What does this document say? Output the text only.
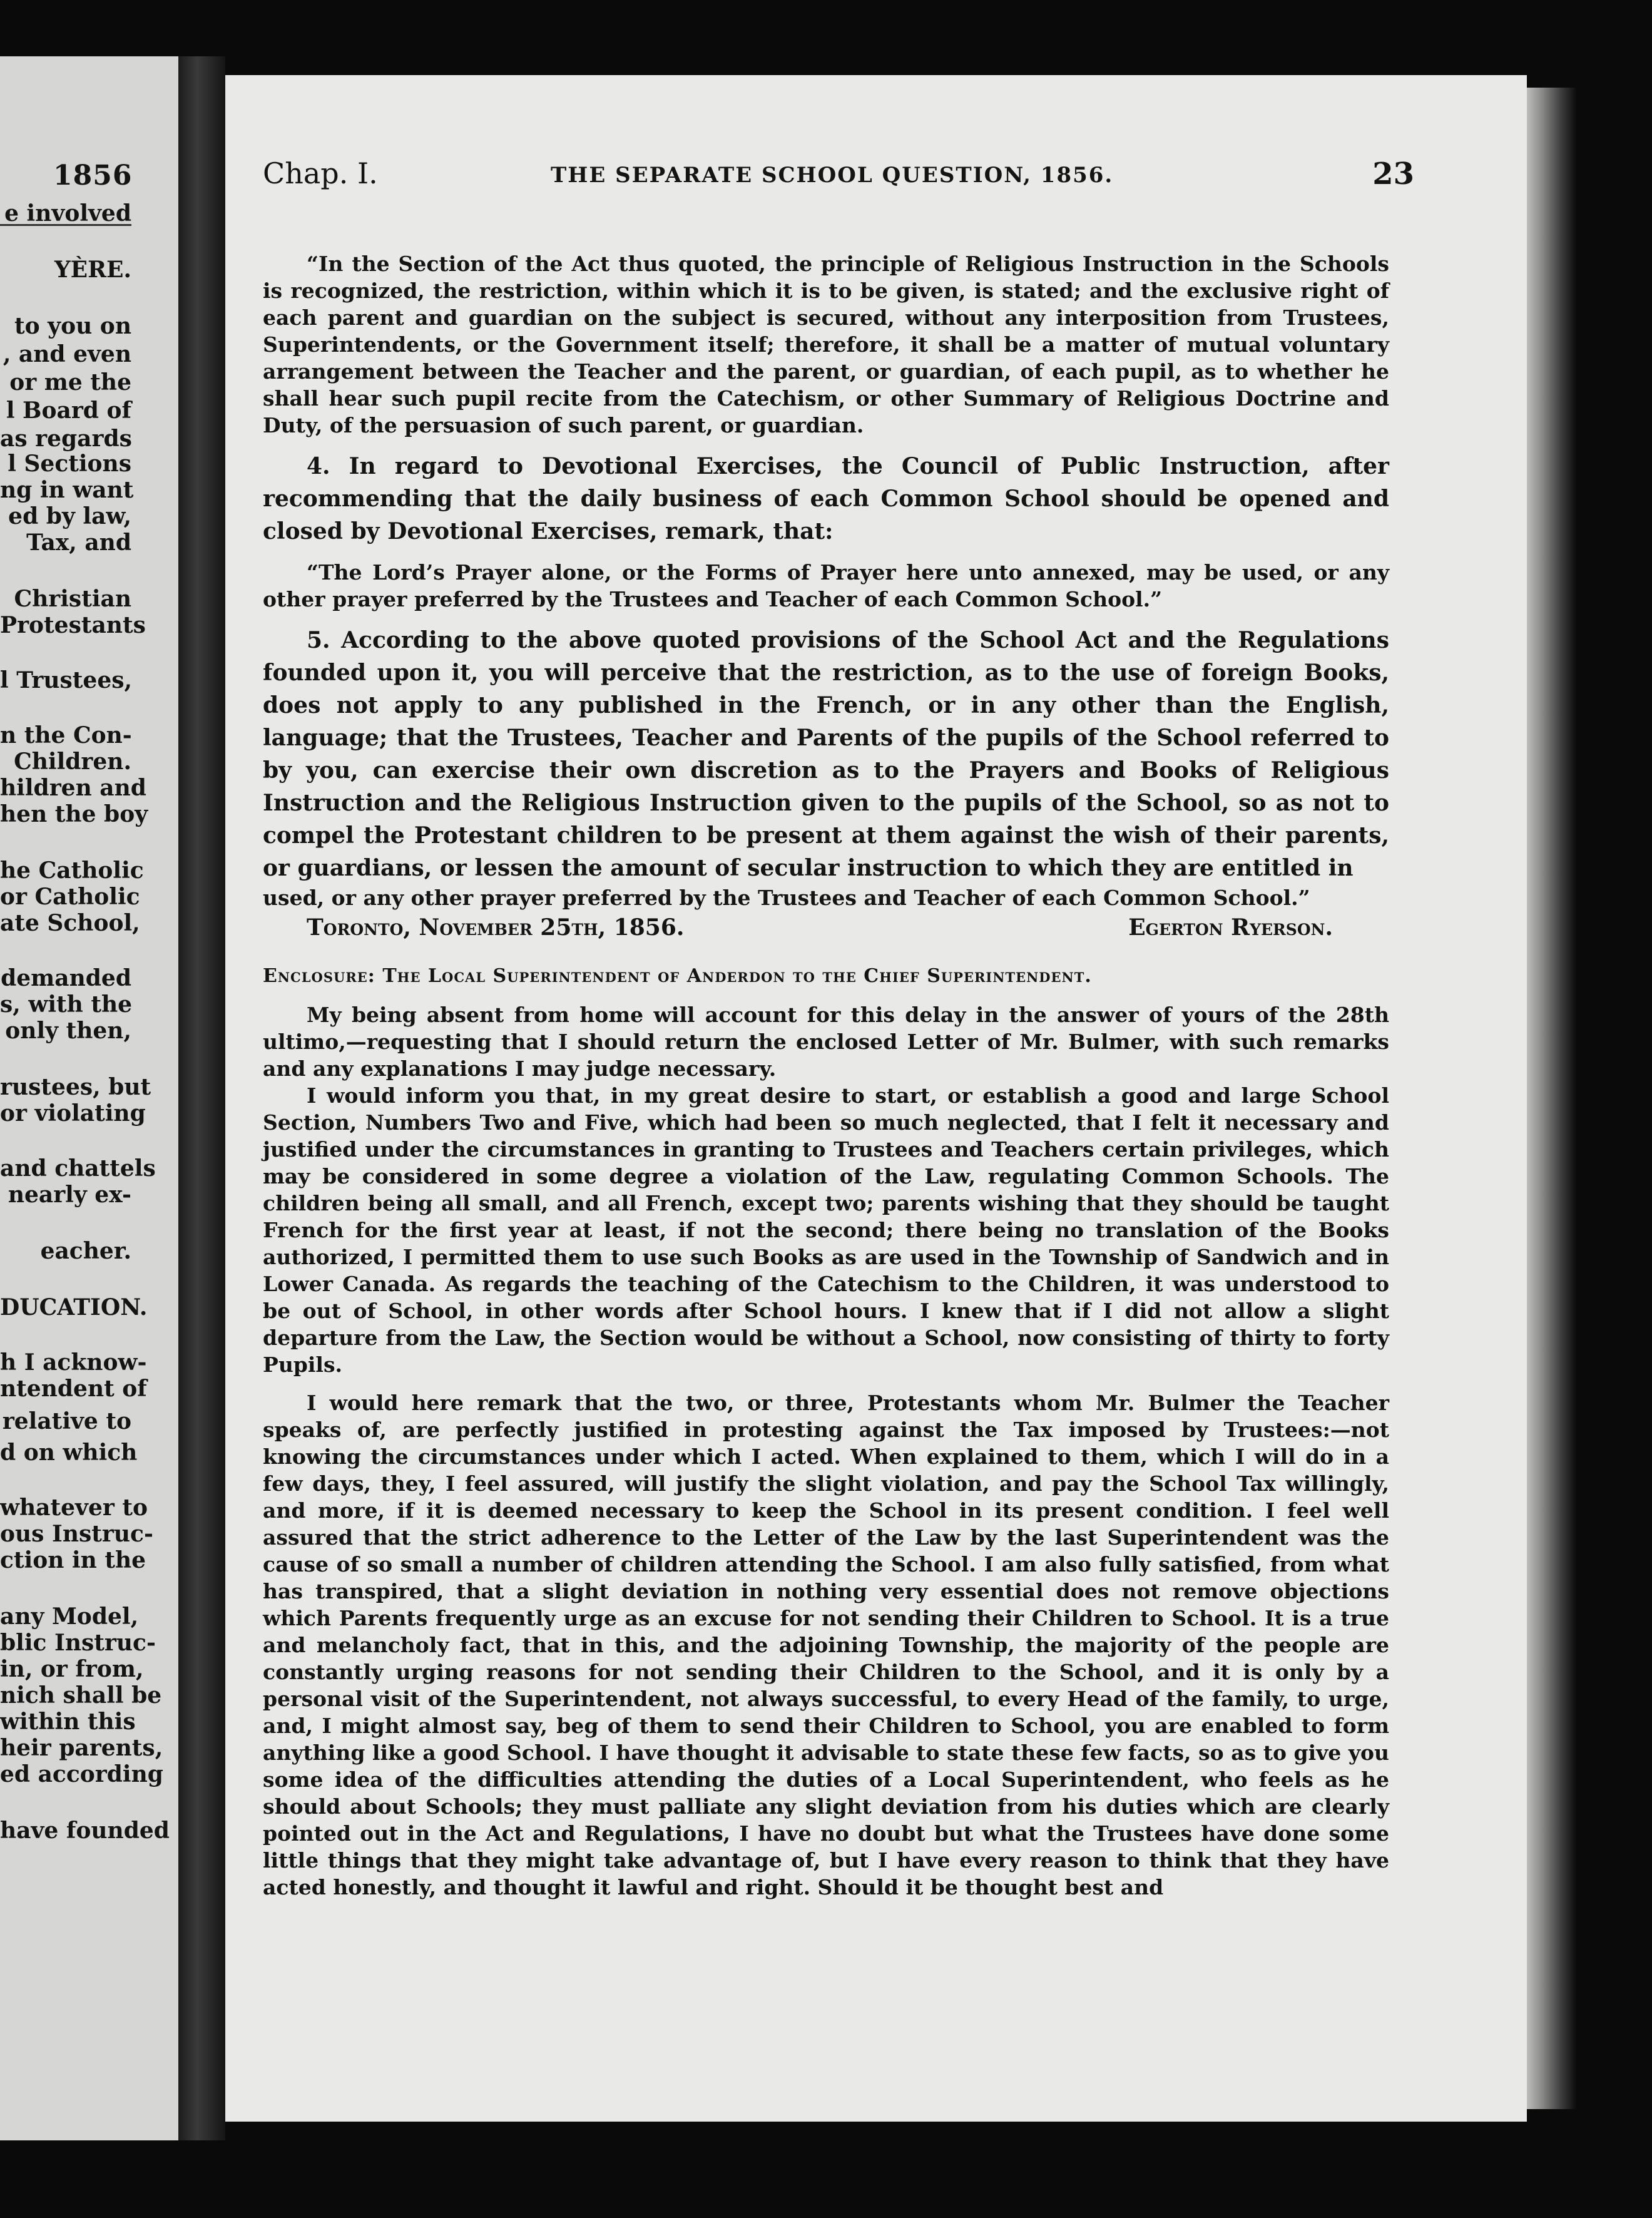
1856
e involved
YÈRE.
to you on
, and even
or me the
l Board of
as regards
l Sections
ng in want
ed by law,
Tax, and
Christian
Protestants
l Trustees,
n the Con-
Children.
hildren and
hen the boy
he Catholic
or Catholic
ate School,
demanded
s, with the
only then,
rustees, but
or violating
and chattels
nearly ex-
eacher.
DUCATION.
h I acknow-
ntendent of
relative to
d on which
whatever to
ous Instruc-
ction in the
any Model,
blic Instruc-
in, or from,
nich shall be
within this
heir parents,
ed according
have founded
Chap. I.	THE SEPARATE SCHOOL QUESTION, 1856.	23

“In the Section of the Act thus quoted, the principle of Religious Instruction in the Schools is recognized, the restriction, within which it is to be given, is stated; and the exclusive right of each parent and guardian on the subject is secured, without any interposition from Trustees, Superintendents, or the Government itself; therefore, it shall be a matter of mutual voluntary arrangement between the Teacher and the parent, or guardian, of each pupil, as to whether he shall hear such pupil recite from the Catechism, or other Summary of Religious Doctrine and Duty, of the persuasion of such parent, or guardian.

4. In regard to Devotional Exercises, the Council of Public Instruction, after recommending that the daily business of each Common School should be opened and closed by Devotional Exercises, remark, that:

“The Lord’s Prayer alone, or the Forms of Prayer here unto annexed, may be used, or any other prayer preferred by the Trustees and Teacher of each Common School.”

5. According to the above quoted provisions of the School Act and the Regulations founded upon it, you will perceive that the restriction, as to the use of foreign Books, does not apply to any published in the French, or in any other than the English, language; that the Trustees, Teacher and Parents of the pupils of the School referred to by you, can exercise their own discretion as to the Prayers and Books of Religious Instruction and the Religious Instruction given to the pupils of the School, so as not to compel the Protestant children to be present at them against the wish of their parents, or guardians, or lessen the amount of secular instruction to which they are entitled in

used, or any other prayer preferred by the Trustees and Teacher of each Common School.”

Toronto, November 25th, 1856.	Egerton Ryerson.
Enclosure: The Local Superintendent of Anderdon to the Chief Superintendent.

My being absent from home will account for this delay in the answer of yours of the 28th ultimo,—requesting that I should return the enclosed Letter of Mr. Bulmer, with such remarks and any explanations I may judge necessary.

I would inform you that, in my great desire to start, or establish a good and large School Section, Numbers Two and Five, which had been so much neglected, that I felt it necessary and justified under the circumstances in granting to Trustees and Teachers certain privileges, which may be considered in some degree a violation of the Law, regulating Common Schools. The children being all small, and all French, except two; parents wishing that they should be taught French for the first year at least, if not the second; there being no translation of the Books authorized, I permitted them to use such Books as are used in the Township of Sandwich and in Lower Canada. As regards the teaching of the Catechism to the Children, it was understood to be out of School, in other words after School hours. I knew that if I did not allow a slight departure from the Law, the Section would be without a School, now consisting of thirty to forty Pupils.

I would here remark that the two, or three, Protestants whom Mr. Bulmer the Teacher speaks of, are perfectly justified in protesting against the Tax imposed by Trustees:—not knowing the circumstances under which I acted. When explained to them, which I will do in a few days, they, I feel assured, will justify the slight violation, and pay the School Tax willingly, and more, if it is deemed necessary to keep the School in its present condition. I feel well assured that the strict adherence to the Letter of the Law by the last Superintendent was the cause of so small a number of children attending the School. I am also fully satisfied, from what has transpired, that a slight deviation in nothing very essential does not remove objections which Parents frequently urge as an excuse for not sending their Children to School. It is a true and melancholy fact, that in this, and the adjoining Township, the majority of the people are constantly urging reasons for not sending their Children to the School, and it is only by a personal visit of the Superintendent, not always successful, to every Head of the family, to urge, and, I might almost say, beg of them to send their Children to School, you are enabled to form anything like a good School. I have thought it advisable to state these few facts, so as to give you some idea of the difficulties attending the duties of a Local Superintendent, who feels as he should about Schools; they must palliate any slight deviation from his duties which are clearly pointed out in the Act and Regulations, I have no doubt but what the Trustees have done some little things that they might take advantage of, but I have every reason to think that they have acted honestly, and thought it lawful and right. Should it be thought best and
